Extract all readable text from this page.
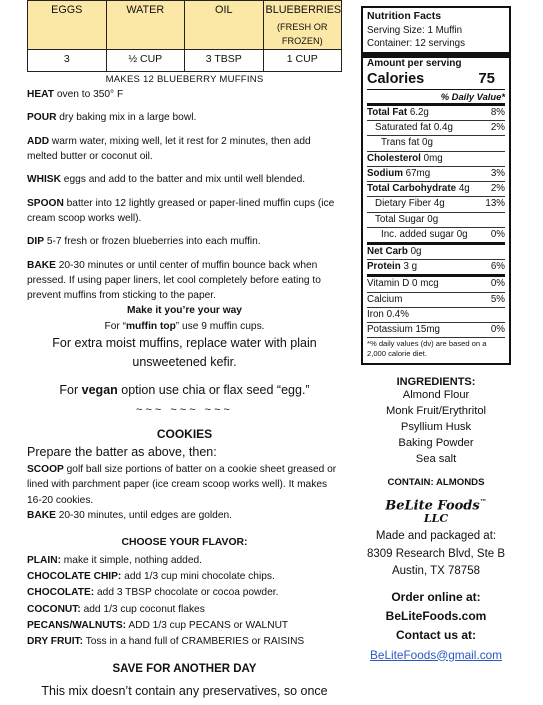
EGGS	WATER	OIL	BLUEBERRIES
(FRESH OR FROZEN)

3	½ CUP	3 TBSP	1 CUP
MAKES 12 BLUEBERRY MUFFINS
HEAT oven to 350° F
POUR dry baking mix in a large bowl.
ADD warm water, mixing well, let it rest for 2 minutes, then add melted butter or coconut oil.
WHISK eggs and add to the batter and mix until well blended.
SPOON batter into 12 lightly greased or paper-lined muffin cups (ice cream scoop works well).
DIP 5-7 fresh or frozen blueberries into each muffin.
BAKE 20-30 minutes or until center of muffin bounce back when pressed. If using paper liners, let cool completely before eating to prevent muffins from sticking to the paper.
Make it you’re your way
For “muffin top” use 9 muffin cups.
For extra moist muffins, replace water with plain unsweetened kefir.
For vegan option use chia or flax seed “egg.”
~~~ ~~~ ~~~
COOKIES
Prepare the batter as above, then:
SCOOP golf ball size portions of batter on a cookie sheet greased or lined with parchment paper (ice cream scoop works well). It makes 16-20 cookies.
BAKE 20-30 minutes, until edges are golden.
CHOOSE YOUR FLAVOR:
PLAIN: make it simple, nothing added.
CHOCOLATE CHIP: add 1/3 cup mini chocolate chips.
CHOCOLATE: add 3 TBSP chocolate or cocoa powder.
COCONUT: add 1/3 cup coconut flakes
PECANS/WALNUTS: ADD 1/3 cup PECANS or WALNUT
DRY FRUIT: Toss in a hand full of CRAMBERIES or RAISINS
SAVE FOR ANOTHER DAY
This mix doesn’t contain any preservatives, so once
Nutrition Facts
Serving Size: 1 Muffin
Container: 12 servings
Amount per serving
Calories	75
% Daily Value*
Total Fat 6.2g	8%
Saturated fat 0.4g	2%
Trans fat 0g
Cholesterol 0mg
Sodium 67mg	3%
Total Carbohydrate 4g 2%
Dietary Fiber 4g	13%
Total Sugar 0g
Inc. added sugar 0g 0%
Net Carb 0g
Protein 3 g	6%
Vitamin D 0 mcg	0%
Calcium	5%
Iron 0.4%
Potassium 15mg	0%
*% daily values (dv) are based on a 2,000 calorie diet.
INGREDIENTS:
Almond Flour
Monk Fruit/Erythritol
Psyllium Husk
Baking Powder
Sea salt
CONTAIN: ALMONDS
BeLite Foods™
LLC
Made and packaged at:
8309 Research Blvd, Ste B
Austin, TX 78758
Order online at:
BeLiteFoods.com
Contact us at:
BeLiteFoods@gmail.com
